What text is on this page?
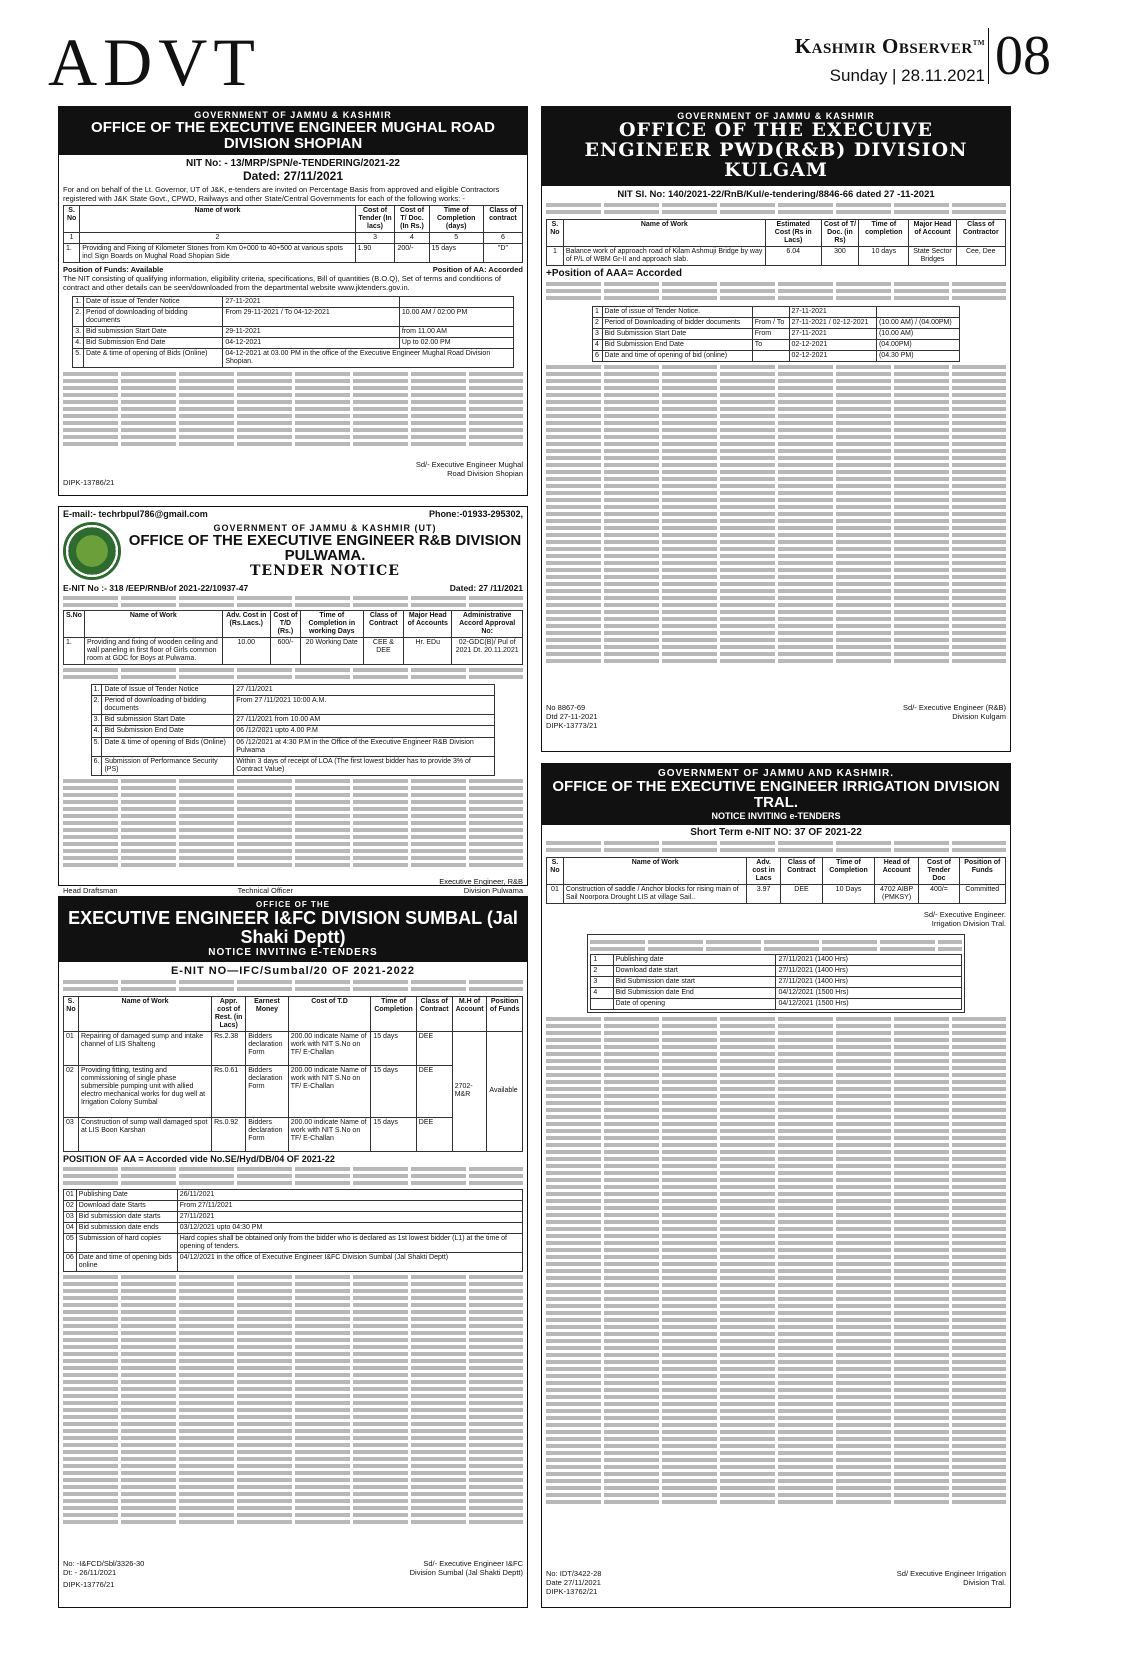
ADVT	Kashmir Observer™
Sunday | 28.11.2021 08
GOVERNMENT OF JAMMU & KASHMIR
OFFICE OF THE EXECUTIVE ENGINEER MUGHAL ROAD DIVISION SHOPIAN
NIT No: - 13/MRP/SPN/e-TENDERING/2021-22
Dated: 27/11/2021
For and on behalf of the Lt. Governor, UT of J&K, e-tenders are invited on Percentage Basis from approved and eligible Contractors registered with J&K State Govt., CPWD, Railways and other State/Central Governments for each of the following works: -
S. No	Name of work	Cost of Tender (In lacs)	Cost of T/ Doc. (In Rs.)	Time of Completion (days)	Class of contract
1	2	3	4	5	6
1.	Providing and Fixing of Kilometer Stones from Km 0+000 to 40+500 at various spots incl Sign Boards on Mughal Road Shopian Side	1.90	200/-	15 days	"D"
Position of Funds: Available	Position of AA: Accorded
The NIT consisting of qualifying information, eligibility criteria, specifications, Bill of quantities (B.O.Q), Set of terms and conditions of contract and other details can be seen/downloaded from the departmental website www.jktenders.gov.in.
1.	Date of issue of Tender Notice	27-11-2021	
2.	Period of downloading of bidding documents	From 29-11-2021 / To 04-12-2021	10.00 AM / 02:00 PM
3.	Bid submission Start Date	29-11-2021	from 11.00 AM
4.	Bid Submission End Date	04-12-2021	Up to 02.00 PM
5.	Date & time of opening of Bids (Online)	04-12-2021 at 03.00 PM in the office of the Executive Engineer Mughal Road Division Shopian.	
Sd/- Executive Engineer Mughal Road Division Shopian
DIPK-13786/21
E-mail:- techrbpul786@gmail.com	Phone:-01933-295302,
GOVERNMENT OF JAMMU & KASHMIR (UT)
OFFICE OF THE EXECUTIVE ENGINEER R&B DIVISION PULWAMA.
TENDER NOTICE
E-NIT No :- 318 /EEP/RNB/of 2021-22/10937-47	Dated: 27 /11/2021
S.No	Name of Work	Adv. Cost in (Rs.Lacs.)	Cost of T/D (Rs.)	Time of Completion in working Days	Class of Contract	Major Head of Accounts	Administrative Accord Approval No:
1.	Providing and fixing of wooden ceiling and wall paneling in first floor of Girls common room at GDC for Boys at Pulwama.	10.00	600/-	20 Working Date	CEE & DEE	Hr. EDu	02-GDC(B)/ Pul of 2021 Dt. 20.11.2021
1.	Date of Issue of Tender Notice	27 /11/2021
2.	Period of downloading of bidding documents	From 27 /11/2021 10:00 A.M.
3.	Bid submission Start Date	27 /11/2021 from 10.00 AM
4.	Bid Submission End Date	06 /12/2021 upto 4.00 P.M
5.	Date & time of opening of Bids (Online)	06 /12/2021 at 4:30 P.M in the Office of the Executive Engineer R&B Division Pulwama
6.	Submission of Performance Security (PS)	Within 3 days of receipt of LOA (The first lowest bidder has to provide 3% of Contract Value)
Head Draftsman	Technical Officer
Executive Engineer, R&B Division Pulwama
OFFICE OF THE
EXECUTIVE ENGINEER I&FC DIVISION SUMBAL (Jal Shaki Deptt)
NOTICE INVITING E-TENDERS
E-NIT NO—IFC/Sumbal/20 OF 2021-2022
S. No	Name of Work	Appr. cost of Rest. (in Lacs)	Earnest Money	Cost of T.D	Time of Completion	Class of Contract	M.H of Account	Position of Funds
01	Repairing of damaged sump and intake channel of LIS Shalteng	Rs.2.38	Bidders declaration Form	200.00 indicate Name of work with NIT S.No on TF/ E-Challan	15 days	DEE	2702- M&R	Available
02	Providing fitting, testing and commissioning of single phase submersible pumping unit with allied electro mechanical works for dug well at Irrigation Colony Sumbal	Rs.0.61	Bidders declaration Form	200.00 indicate Name of work with NIT S.No on TF/ E-Challan	15 days	DEE		
03	Construction of sump wall damaged spot at LIS Boon Karshan	Rs.0.92	Bidders declaration Form	200.00 indicate Name of work with NIT S.No on TF/ E-Challan	15 days	DEE		
POSITION OF AA = Accorded vide No.SE/Hyd/DB/04 OF 2021-22
01	Publishing Date	26/11/2021
02	Download date Starts	From 27/11/2021
03	Bid submission date starts	27/11/2021
04	Bid submission date ends	03/12/2021 upto 04:30 PM
05	Submission of hard copies	Hard copies shall be obtained only from the bidder who is declared as 1st lowest bidder (L1) at the time of opening of tenders.
06	Date and time of opening bids online	04/12/2021 in the office of Executive Engineer I&FC Division Sumbal (Jal Shakti Deptt)
No: -I&FCD/Sbl/3326-30
Dt: - 26/11/2021
Sd/- Executive Engineer I&FC Division Sumbal (Jal Shakti Deptt)
DIPK-13776/21
GOVERNMENT OF JAMMU & KASHMIR
OFFICE OF THE EXECUIVE ENGINEER PWD(R&B) DIVISION KULGAM
NIT Sl. No: 140/2021-22/RnB/Kul/e-tendering/8846-66 dated 27 -11-2021
S. No	Name of Work	Estimated Cost (Rs in Lacs)	Cost of T/ Doc. (in Rs)	Time of completion	Major Head of Account	Class of Contractor
1	Balance work of approach road of Kilam Ashmuji Bridge by way of P/L of WBM Gr-II and approach slab.	6.04	300	10 days	State Sector Bridges	Cee, Dee
+Position of AAA= Accorded
1	Date of issue of Tender Notice.		27-11-2021	
2	Period of Downloading of bidder documents	From / To	27-11-2021 / 02-12-2021	(10.00 AM) / (04.00PM)
3	Bid Submission Start Date	From	27-11-2021	(10.00 AM)
4	Bid Submission End Date	To	02-12-2021	(04.00PM)
6	Date and time of opening of bid (online)		02-12-2021	(04.30 PM)
No 8867-69
Dtd 27-11-2021
DIPK-13773/21
Sd/- Executive Engineer (R&B) Division Kulgam
GOVERNMENT OF JAMMU AND KASHMIR.
OFFICE OF THE EXECUTIVE ENGINEER IRRIGATION DIVISION TRAL.
NOTICE INVITING e-TENDERS
Short Term e-NIT NO: 37 OF 2021-22
S. No	Name of Work	Adv. cost in Lacs	Class of Contract	Time of Completion	Head of Account	Cost of Tender Doc	Position of Funds
01	Construction of saddle / Anchor blocks for rising main of Sail Noorpora Drought LIS at village Sail..	3.97	DEE	10 Days	4702 AIBP (PMKSY)	400/=	Committed
Sd/- Executive Engineer. Irrigation Division Tral.
1	Publishing date	27/11/2021 (1400 Hrs)
2	Download date start	27/11/2021 (1400 Hrs)
3	Bid Submission date start	27/11/2021 (1400 Hrs)
4	Bid Submission date End	04/12/2021 (1500 Hrs)
	Date of opening	04/12/2021 (1500 Hrs)
No: IDT/3422-28
Date 27/11/2021
DIPK-13762/21
Sd/ Executive Engineer Irrigation Division Tral.
